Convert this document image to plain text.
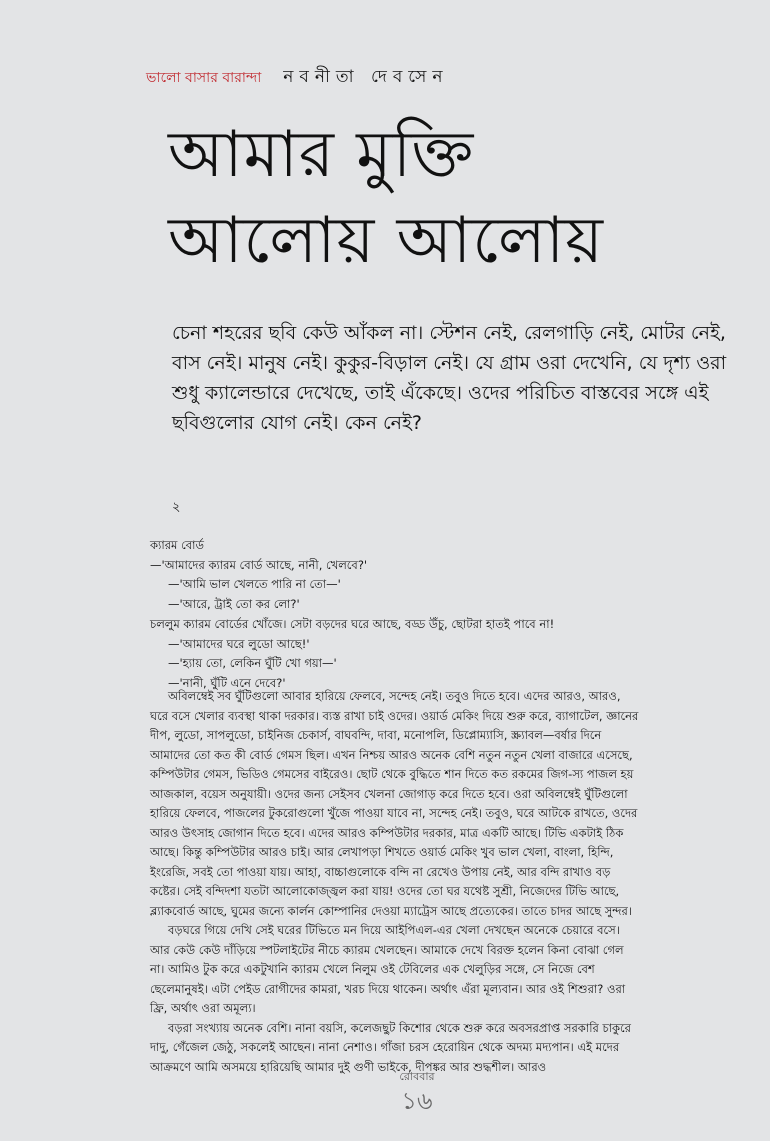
ভালো বাসার বারান্দা নবনীতা দেবসেন
আমার মুক্তি
আলোয় আলোয়

চেনা শহরের ছবি কেউ আঁকল না। স্টেশন নেই, রেলগাড়ি নেই, মোটর নেই, বাস নেই। মানুষ নেই। কুকুর-বিড়াল নেই। যে গ্রাম ওরা দেখেনি, যে দৃশ্য ওরা শুধু ক্যালেন্ডারে দেখেছে, তাই এঁকেছে। ওদের পরিচিত বাস্তবের সঙ্গে এই ছবিগুলোর যোগ নেই। কেন নেই?

২
ক্যারম বোর্ড
—'আমাদের ক্যারম বোর্ড আছে, নানী, খেলবে?'
—'আমি ভাল খেলতে পারি না তো—'
—'আরে, ট্রাই তো কর লো?'
চললুম ক্যারম বোর্ডের খোঁজে। সেটা বড়দের ঘরে আছে, বড্ড উঁচু, ছোটরা হাতই পাবে না!
—'আমাদের ঘরে লুডো আছে!'
—'হ্যায় তো, লেকিন ঘুঁটি খো গয়া—'
—'নানী, ঘুঁটি এনে দেবে?'

অবিলম্বেই সব ঘুঁটিগুলো আবার হারিয়ে ফেলবে, সন্দেহ নেই। তবুও দিতে হবে। এদের আরও, আরও, ঘরে বসে খেলার ব্যবস্থা থাকা দরকার। ব্যস্ত রাখা চাই ওদের। ওয়ার্ড মেকিং দিয়ে শুরু করে, ব্যাগাটেল, জ্ঞানের দীপ, লুডো, সাপলুডো, চাইনিজ চেকার্স, বাঘবন্দি, দাবা, মনোপলি, ডিপ্লোম্যাসি, স্ক্র্যাবল—বর্ষার দিনে আমাদের তো কত কী বোর্ড গেমস ছিল। এখন নিশ্চয় আরও অনেক বেশি নতুন নতুন খেলা বাজারে এসেছে, কম্পিউটার গেমস, ভিডিও গেমসের বাইরেও। ছোট থেকে বুদ্ধিতে শান দিতে কত রকমের জিগ-স্য পাজল হয় আজকাল, বয়েস অনুযায়ী। ওদের জন্য সেইসব খেলনা জোগাড় করে দিতে হবে। ওরা অবিলম্বেই ঘুঁটিগুলো হারিয়ে ফেলবে, পাজলের টুকরোগুলো খুঁজে পাওয়া যাবে না, সন্দেহ নেই। তবুও, ঘরে আটকে রাখতে, ওদের আরও উৎসাহ জোগান দিতে হবে। এদের আরও কম্পিউটার দরকার, মাত্র একটি আছে। টিভি একটাই ঠিক আছে। কিন্তু কম্পিউটার আরও চাই। আর লেখাপড়া শিখতে ওয়ার্ড মেকিং খুব ভাল খেলা, বাংলা, হিন্দি, ইংরেজি, সবই তো পাওয়া যায়। আহা, বাচ্চাগুলোকে বন্দি না রেখেও উপায় নেই, আর বন্দি রাখাও বড় কষ্টের। সেই বন্দিদশা যতটা আলোকোজ্জ্বল করা যায়! ওদের তো ঘর যথেষ্ট সুশ্রী, নিজেদের টিভি আছে, ব্ল্যাকবোর্ড আছে, ঘুমের জন্যে কার্লন কোম্পানির দেওয়া ম্যাট্রেস আছে প্রত্যেকের। তাতে চাদর আছে সুন্দর।

বড়ঘরে গিয়ে দেখি সেই ঘরের টিভিতে মন দিয়ে আইপিএল-এর খেলা দেখছেন অনেকে চেয়ারে বসে। আর কেউ কেউ দাঁড়িয়ে স্পটলাইটের নীচে ক্যারম খেলছেন। আমাকে দেখে বিরক্ত হলেন কিনা বোঝা গেল না। আমিও টুক করে একটুখানি ক্যারম খেলে নিলুম ওই টেবিলের এক খেলুড়ির সঙ্গে, সে নিজে বেশ ছেলেমানুষই। এটা পেইড রোগীদের কামরা, খরচ দিয়ে থাকেন। অর্থাৎ এঁরা মূল্যবান। আর ওই শিশুরা? ওরা ফ্রি, অর্থাৎ ওরা অমূল্য।

বড়রা সংখ্যায় অনেক বেশি। নানা বয়সি, কলেজছুট কিশোর থেকে শুরু করে অবসরপ্রাপ্ত সরকারি চাকুরে দাদু, গেঁজেল জেঠু, সকলেই আছেন। নানা নেশাও। গাঁজা চরস হেরোয়িন থেকে অদম্য মদ্যপান। এই মদের আক্রমণে আমি অসময়ে হারিয়েছি আমার দুই গুণী ভাইকে, দীপঙ্কর আর শুদ্ধশীল। আরও

রোববার
১৬
